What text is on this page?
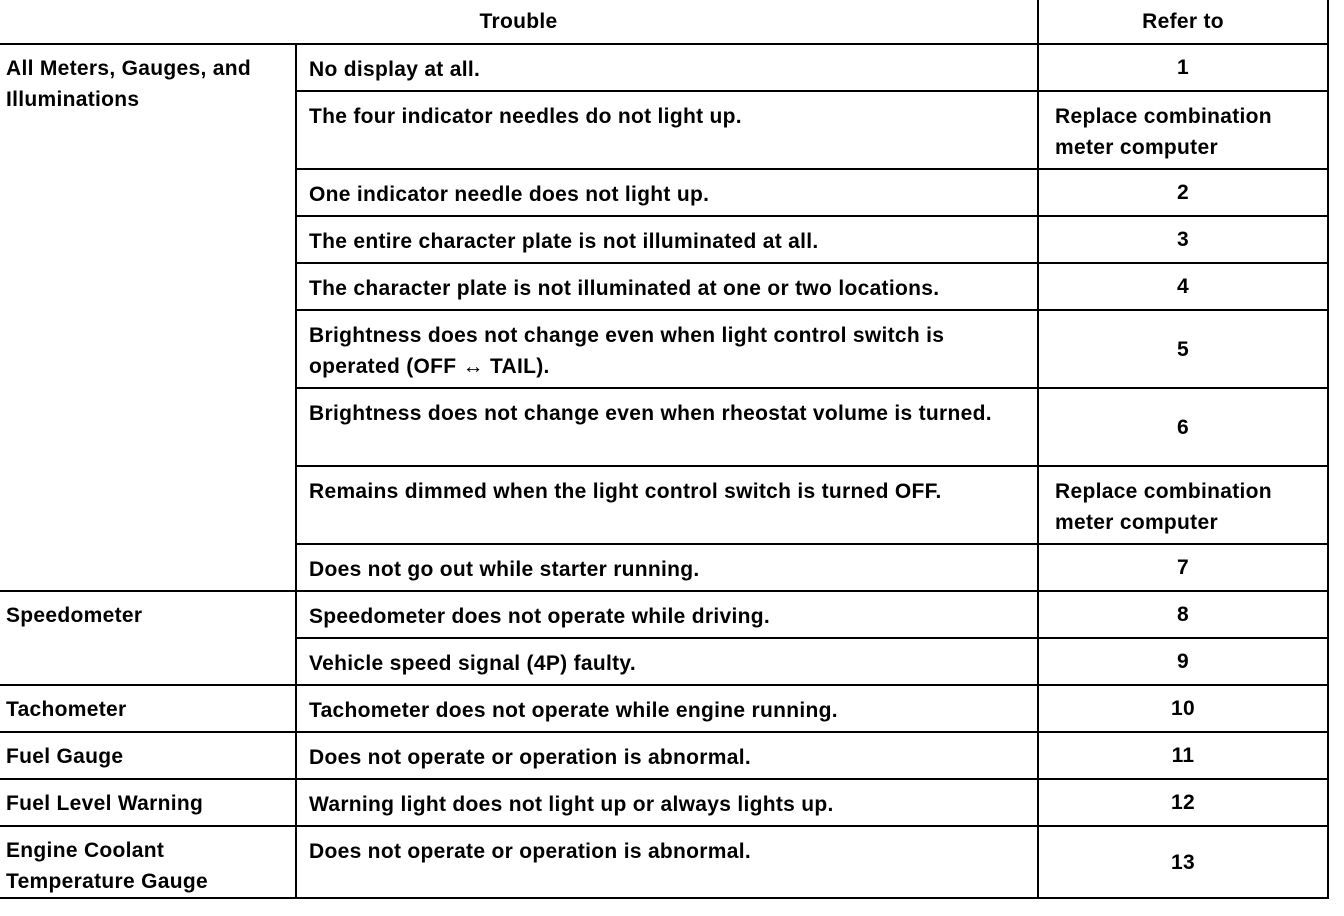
Trouble		Refer to
All Meters, Gauges, and Illuminations	No display at all.	1
	The four indicator needles do not light up.	Replace combination meter computer
	One indicator needle does not light up.	2
	The entire character plate is not illuminated at all.	3
	The character plate is not illuminated at one or two locations.	4
	Brightness does not change even when light control switch is operated (OFF ↔ TAIL).	5
	Brightness does not change even when rheostat volume is turned.	6
	Remains dimmed when the light control switch is turned OFF.	Replace combination meter computer
	Does not go out while starter running.	7
Speedometer	Speedometer does not operate while driving.	8
	Vehicle speed signal (4P) faulty.	9
Tachometer	Tachometer does not operate while engine running.	10
Fuel Gauge	Does not operate or operation is abnormal.	11
Fuel Level Warning	Warning light does not light up or always lights up.	12
Engine Coolant Temperature Gauge	Does not operate or operation is abnormal.	13
